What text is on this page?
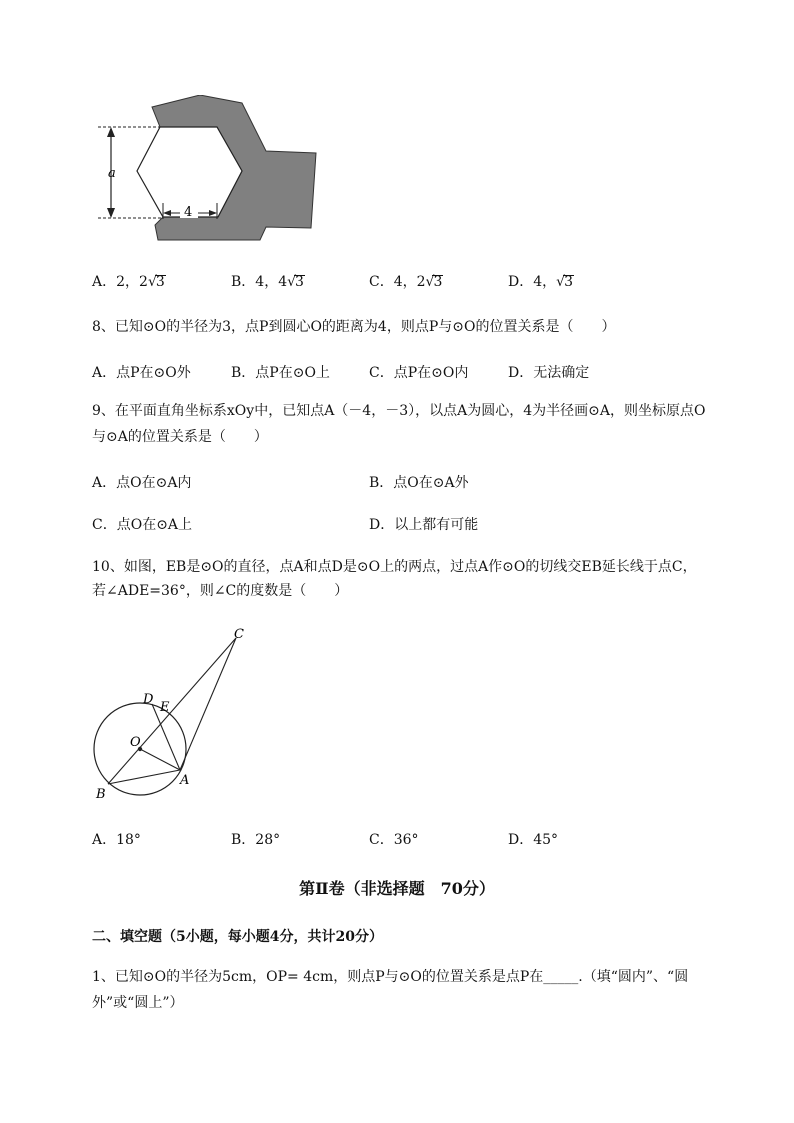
a
4
A．2，2√3	B．4，4√3	C．4，2√3	D．4，√3
8、已知⊙O的半径为3，点P到圆心O的距离为4，则点P与⊙O的位置关系是（　　）
A．点P在⊙O外	B．点P在⊙O上	C．点P在⊙O内	D．无法确定
9、在平面直角坐标系xOy中，已知点A（－4，－3），以点A为圆心，4为半径画⊙A，则坐标原点O
与⊙A的位置关系是（　　）
A．点O在⊙A内	B．点O在⊙A外
C．点O在⊙A上	D．以上都有可能
10、如图，EB是⊙O的直径，点A和点D是⊙O上的两点，过点A作⊙O的切线交EB延长线于点C，
若∠ADE=36°，则∠C的度数是（　　）
C
D
E
O
A
B
A．18°	B．28°	C．36°	D．45°
第Ⅱ卷（非选择题　70分）
二、填空题（5小题，每小题4分，共计20分）
1、已知⊙O的半径为5cm，OP= 4cm，则点P与⊙O的位置关系是点P在_____.（填“圆内”、“圆
外”或“圆上”）
